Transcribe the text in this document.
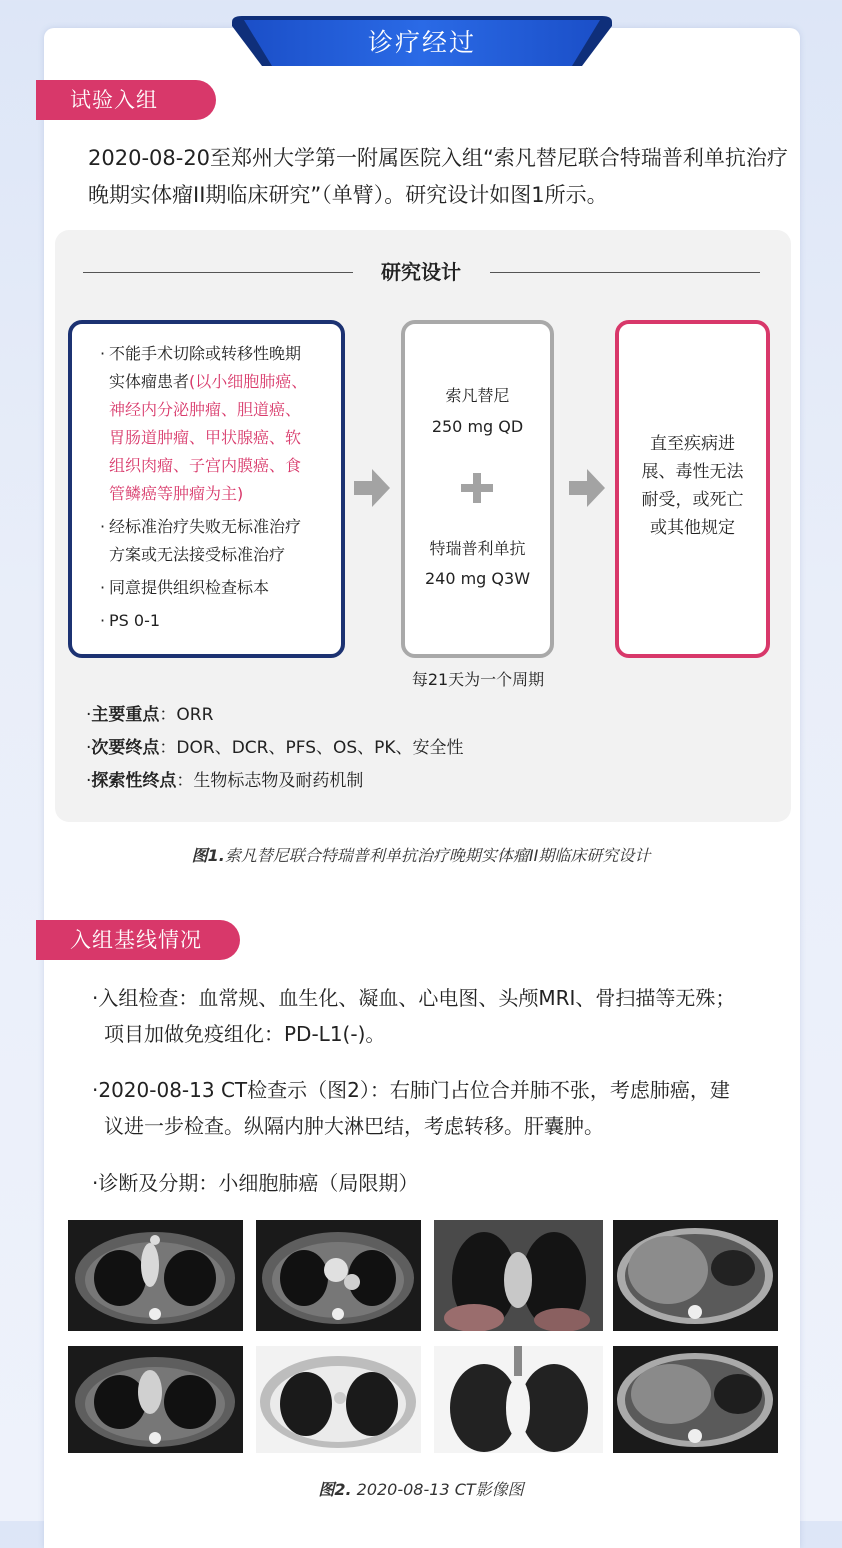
诊疗经过
试验入组
2020-08-20至郑州大学第一附属医院入组“索凡替尼联合特瑞普利单抗治疗晚期实体瘤II期临床研究”（单臂）。研究设计如图1所示。
研究设计
· 不能手术切除或转移性晚期
实体瘤患者(以小细胞肺癌、
神经内分泌肿瘤、胆道癌、
胃肠道肿瘤、甲状腺癌、软
组织肉瘤、子宫内膜癌、食
管鳞癌等肿瘤为主)
· 经标准治疗失败无标准治疗
方案或无法接受标准治疗
· 同意提供组织检查标本
· PS 0-1
索凡替尼
250 mg QD
特瑞普利单抗
240 mg Q3W
每21天为一个周期
直至疾病进
展、毒性无法
耐受，或死亡
或其他规定
·主要重点：ORR
·次要终点：DOR、DCR、PFS、OS、PK、安全性
·探索性终点：生物标志物及耐药机制
图1.索凡替尼联合特瑞普利单抗治疗晚期实体瘤II期临床研究设计
入组基线情况
·入组检查：血常规、血生化、凝血、心电图、头颅MRI、骨扫描等无殊；
项目加做免疫组化：PD-L1(-)。
·2020-08-13 CT检查示（图2）：右肺门占位合并肺不张，考虑肺癌，建
议进一步检查。纵隔内肿大淋巴结，考虑转移。肝囊肿。
·诊断及分期：小细胞肺癌（局限期）
图2. 2020-08-13 CT影像图
